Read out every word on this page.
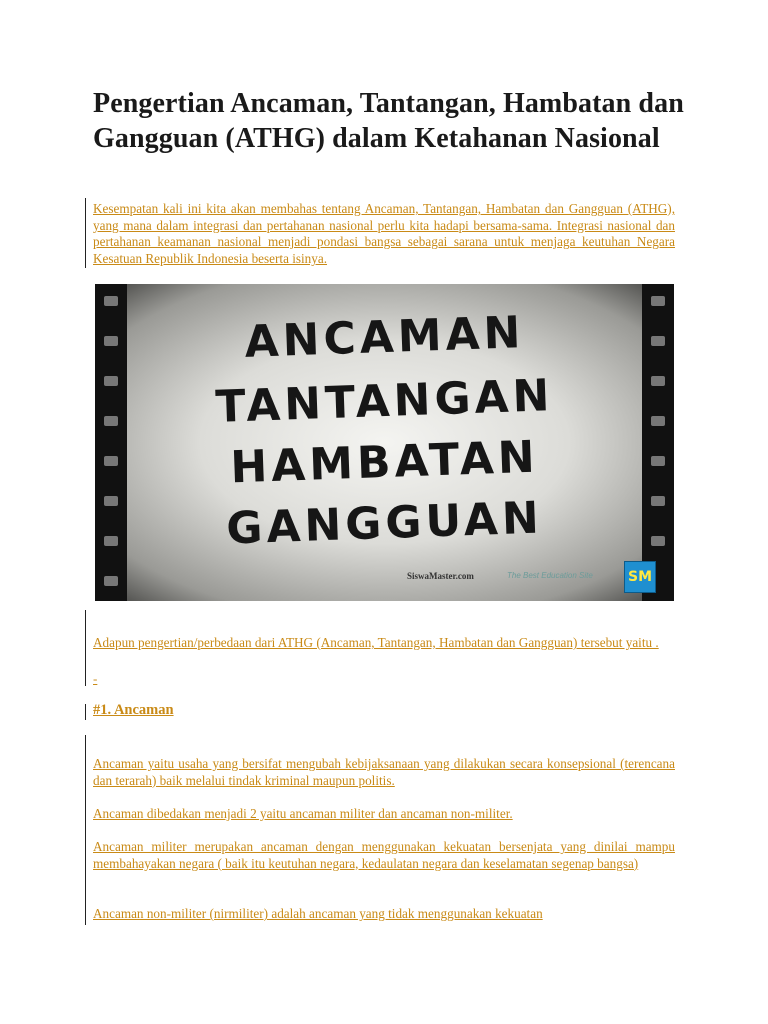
Pengertian Ancaman, Tantangan, Hambatan dan Gangguan (ATHG) dalam Ketahanan Nasional

Kesempatan kali ini kita akan membahas tentang Ancaman, Tantangan, Hambatan dan Gangguan (ATHG), yang mana dalam integrasi dan pertahanan nasional perlu kita hadapi bersama-sama. Integrasi nasional dan pertahanan keamanan nasional menjadi pondasi bangsa sebagai sarana untuk menjaga keutuhan Negara Kesatuan Republik Indonesia beserta isinya.

ANCAMAN
TANTANGAN
HAMBATAN
GANGGUAN
SiswaMaster.com	The Best Education Site	SM

Adapun pengertian/perbedaan dari ATHG (Ancaman, Tantangan, Hambatan dan Gangguan) tersebut yaitu .

-
#1. Ancaman

Ancaman yaitu usaha yang bersifat mengubah kebijaksanaan yang dilakukan secara konsepsional (terencana dan terarah) baik melalui tindak kriminal maupun politis.

Ancaman dibedakan menjadi 2 yaitu ancaman militer dan ancaman non-militer.

Ancaman militer merupakan ancaman dengan menggunakan kekuatan bersenjata yang dinilai mampu membahayakan negara ( baik itu keutuhan negara, kedaulatan negara dan keselamatan segenap bangsa)

Ancaman non-militer (nirmiliter) adalah ancaman yang tidak menggunakan kekuatan
